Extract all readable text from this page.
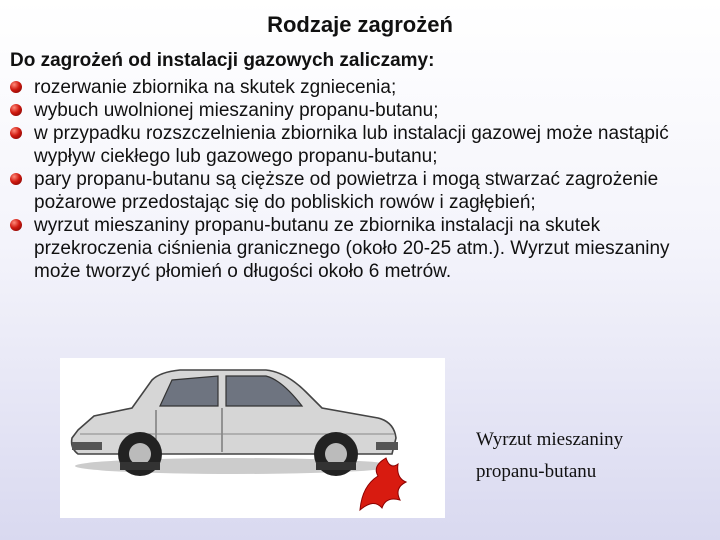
Rodzaje zagrożeń
Do zagrożeń od instalacji gazowych zaliczamy:
rozerwanie zbiornika na skutek zgniecenia;
wybuch uwolnionej mieszaniny propanu-butanu;
w przypadku rozszczelnienia zbiornika lub instalacji gazowej może nastąpić wypływ ciekłego lub gazowego propanu-butanu;
pary propanu-butanu są cięższe od powietrza i mogą stwarzać zagrożenie pożarowe przedostając się do pobliskich rowów i zagłębień;
wyrzut mieszaniny propanu-butanu ze zbiornika instalacji na skutek przekroczenia ciśnienia granicznego (około 20-25 atm.). Wyrzut mieszaniny może tworzyć płomień o długości około 6 metrów.
Wyrzut mieszaniny
propanu-butanu
